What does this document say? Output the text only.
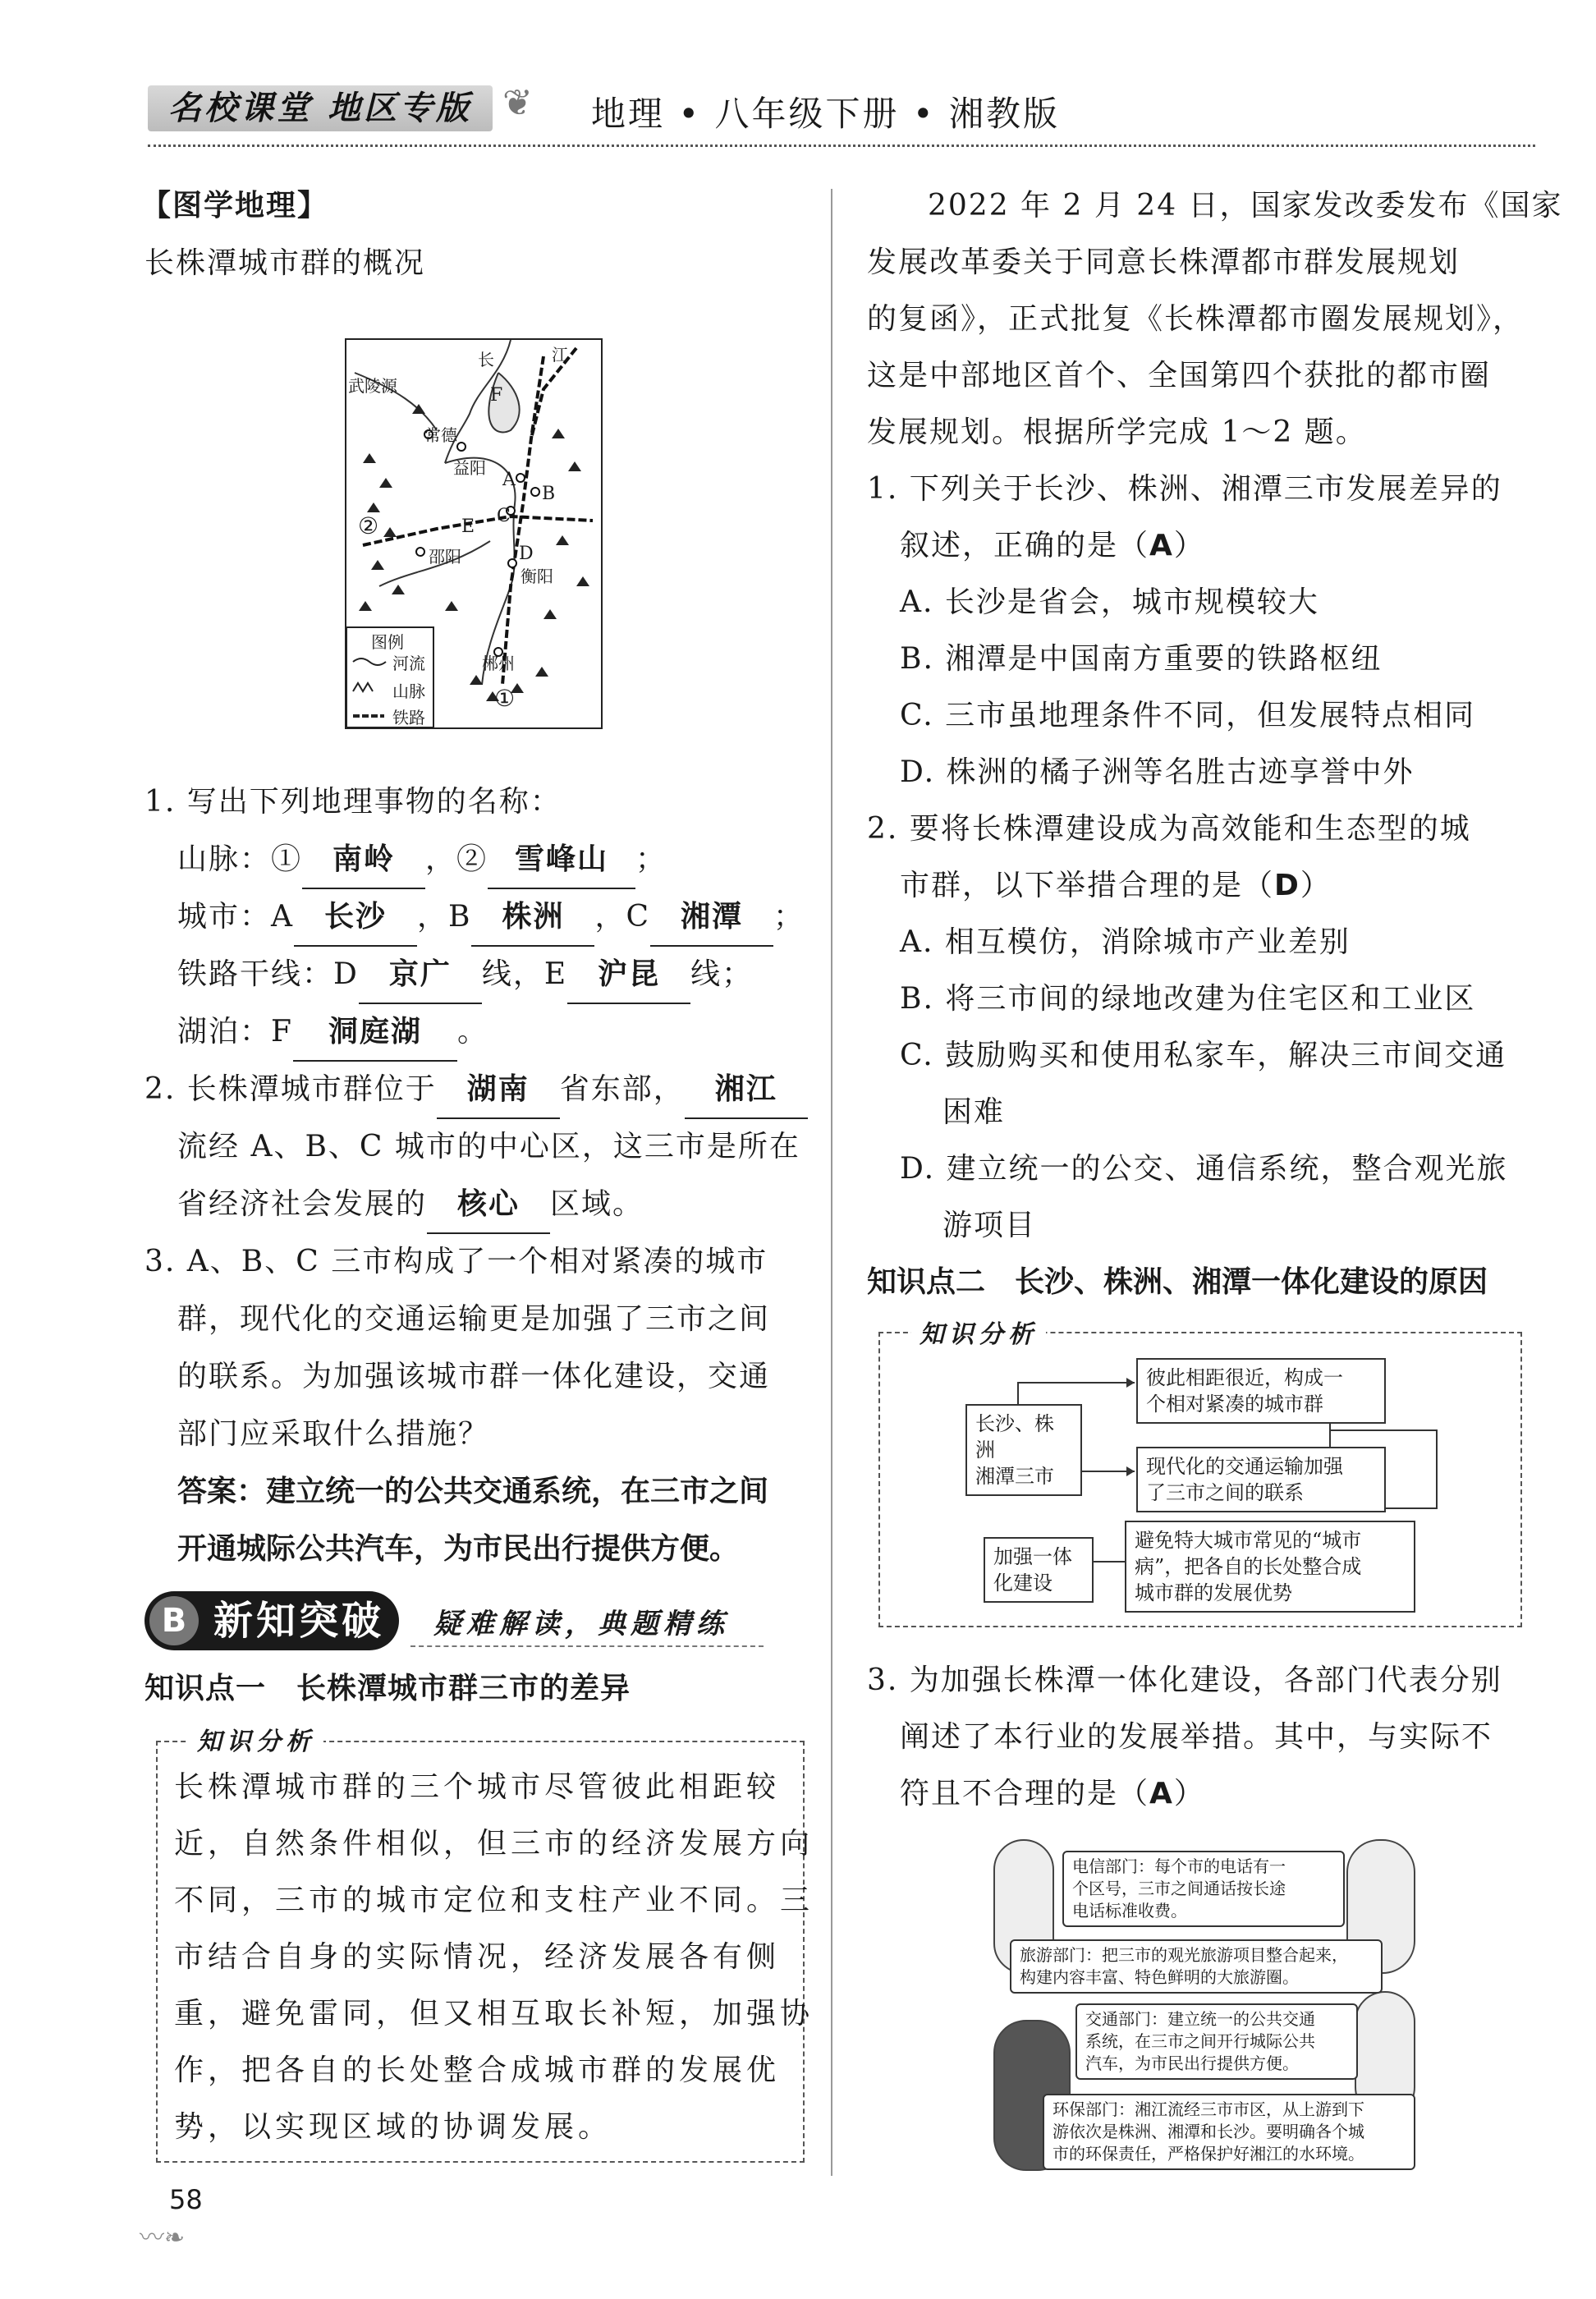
名校课堂 地区专版 ❦ 地理 • 八年级下册 • 湘教版
【图学地理】
长株潭城市群的概况
长	江
武陵源
常德
益阳
邵阳
衡阳
郴州
A
B
C
D
E
F
②
①
图例
河流
山脉
铁路
1. 写出下列地理事物的名称：
山脉：① 南岭 ，② 雪峰山 ；
城市：A 长沙 ，B 株洲 ，C 湘潭 ；
铁路干线：D 京广 线，E 沪昆 线；
湖泊：F 洞庭湖 。
2. 长株潭城市群位于 湖南 省东部， 湘江
流经 A、B、C 城市的中心区，这三市是所在
省经济社会发展的 核心 区域。
3. A、B、C 三市构成了一个相对紧凑的城市
群，现代化的交通运输更是加强了三市之间
的联系。为加强该城市群一体化建设，交通
部门应采取什么措施？
答案：建立统一的公共交通系统，在三市之间
开通城际公共汽车，为市民出行提供方便。
B 新知突破 疑难解读，典题精练
知识点一　长株潭城市群三市的差异
知识分析
长株潭城市群的三个城市尽管彼此相距较
近，自然条件相似，但三市的经济发展方向
不同，三市的城市定位和支柱产业不同。三
市结合自身的实际情况，经济发展各有侧
重，避免雷同，但又相互取长补短，加强协
作，把各自的长处整合成城市群的发展优
势，以实现区域的协调发展。
58
〰❧
2022 年 2 月 24 日，国家发改委发布《国家
发展改革委关于同意长株潭都市群发展规划
的复函》，正式批复《长株潭都市圈发展规划》，
这是中部地区首个、全国第四个获批的都市圈
发展规划。根据所学完成 1～2 题。
1. 下列关于长沙、株洲、湘潭三市发展差异的
叙述，正确的是（A）
A. 长沙是省会，城市规模较大
B. 湘潭是中国南方重要的铁路枢纽
C. 三市虽地理条件不同，但发展特点相同
D. 株洲的橘子洲等名胜古迹享誉中外
2. 要将长株潭建设成为高效能和生态型的城
市群，以下举措合理的是（D）
A. 相互模仿，消除城市产业差别
B. 将三市间的绿地改建为住宅区和工业区
C. 鼓励购买和使用私家车，解决三市间交通
困难
D. 建立统一的公交、通信系统，整合观光旅
游项目
知识点二　长沙、株洲、湘潭一体化建设的原因
知识分析
长沙、株洲
湘潭三市
彼此相距很近，构成一
个相对紧凑的城市群
现代化的交通运输加强
了三市之间的联系
加强一体
化建设
避免特大城市常见的“城市
病”，把各自的长处整合成
城市群的发展优势
3. 为加强长株潭一体化建设，各部门代表分别
阐述了本行业的发展举措。其中，与实际不
符且不合理的是（A）
电信部门：每个市的电话有一
个区号，三市之间通话按长途
电话标准收费。
旅游部门：把三市的观光旅游项目整合起来，
构建内容丰富、特色鲜明的大旅游圈。
交通部门：建立统一的公共交通
系统，在三市之间开行城际公共
汽车，为市民出行提供方便。
环保部门：湘江流经三市市区，从上游到下
游依次是株洲、湘潭和长沙。要明确各个城
市的环保责任，严格保护好湘江的水环境。
